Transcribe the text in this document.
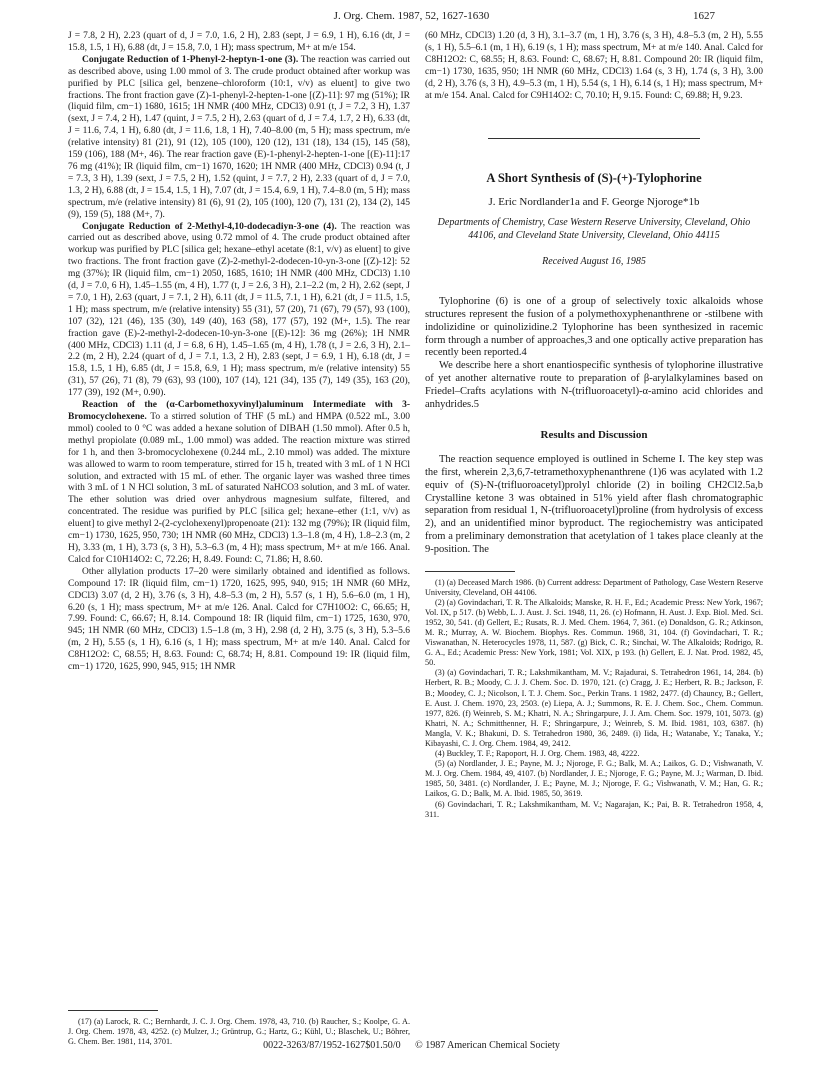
J. Org. Chem. 1987, 52, 1627-1630	1627

J = 7.8, 2 H), 2.23 (quart of d, J = 7.0, 1.6, 2 H), 2.83 (sept, J = 6.9, 1 H), 6.16 (dt, J = 15.8, 1.5, 1 H), 6.88 (dt, J = 15.8, 7.0, 1 H); mass spectrum, M+ at m/e 154.

Conjugate Reduction of 1-Phenyl-2-heptyn-1-one (3). The reaction was carried out as described above, using 1.00 mmol of 3. The crude product obtained after workup was purified by PLC [silica gel, benzene–chloroform (10:1, v/v) as eluent] to give two fractions. The front fraction gave (Z)-1-phenyl-2-hepten-1-one [(Z)-11]: 97 mg (51%); IR (liquid film, cm−1) 1680, 1615; 1H NMR (400 MHz, CDCl3) 0.91 (t, J = 7.2, 3 H), 1.37 (sext, J = 7.4, 2 H), 1.47 (quint, J = 7.5, 2 H), 2.63 (quart of d, J = 7.4, 1.7, 2 H), 6.33 (dt, J = 11.6, 7.4, 1 H), 6.80 (dt, J = 11.6, 1.8, 1 H), 7.40–8.00 (m, 5 H); mass spectrum, m/e (relative intensity) 81 (21), 91 (12), 105 (100), 120 (12), 131 (18), 134 (15), 145 (58), 159 (106), 188 (M+, 46). The rear fraction gave (E)-1-phenyl-2-hepten-1-one [(E)-11]:17 76 mg (41%); IR (liquid film, cm−1) 1670, 1620; 1H NMR (400 MHz, CDCl3) 0.94 (t, J = 7.3, 3 H), 1.39 (sext, J = 7.5, 2 H), 1.52 (quint, J = 7.7, 2 H), 2.33 (quart of d, J = 7.0, 1.3, 2 H), 6.88 (dt, J = 15.4, 1.5, 1 H), 7.07 (dt, J = 15.4, 6.9, 1 H), 7.4–8.0 (m, 5 H); mass spectrum, m/e (relative intensity) 81 (6), 91 (2), 105 (100), 120 (7), 131 (2), 134 (2), 145 (9), 159 (5), 188 (M+, 7).

Conjugate Reduction of 2-Methyl-4,10-dodecadiyn-3-one (4). The reaction was carried out as described above, using 0.72 mmol of 4. The crude product obtained after workup was purified by PLC [silica gel; hexane–ethyl acetate (8:1, v/v) as eluent] to give two fractions. The front fraction gave (Z)-2-methyl-2-dodecen-10-yn-3-one [(Z)-12]: 52 mg (37%); IR (liquid film, cm−1) 2050, 1685, 1610; 1H NMR (400 MHz, CDCl3) 1.10 (d, J = 7.0, 6 H), 1.45–1.55 (m, 4 H), 1.77 (t, J = 2.6, 3 H), 2.1–2.2 (m, 2 H), 2.62 (sept, J = 7.0, 1 H), 2.63 (quart, J = 7.1, 2 H), 6.11 (dt, J = 11.5, 7.1, 1 H), 6.21 (dt, J = 11.5, 1.5, 1 H); mass spectrum, m/e (relative intensity) 55 (31), 57 (20), 71 (67), 79 (57), 93 (100), 107 (32), 121 (46), 135 (30), 149 (40), 163 (58), 177 (57), 192 (M+, 1.5). The rear fraction gave (E)-2-methyl-2-dodecen-10-yn-3-one [(E)-12]: 36 mg (26%); 1H NMR (400 MHz, CDCl3) 1.11 (d, J = 6.8, 6 H), 1.45–1.65 (m, 4 H), 1.78 (t, J = 2.6, 3 H), 2.1–2.2 (m, 2 H), 2.24 (quart of d, J = 7.1, 1.3, 2 H), 2.83 (sept, J = 6.9, 1 H), 6.18 (dt, J = 15.8, 1.5, 1 H), 6.85 (dt, J = 15.8, 6.9, 1 H); mass spectrum, m/e (relative intensity) 55 (31), 57 (26), 71 (8), 79 (63), 93 (100), 107 (14), 121 (34), 135 (7), 149 (35), 163 (20), 177 (39), 192 (M+, 0.90).

Reaction of the (α-Carbomethoxyvinyl)aluminum Intermediate with 3-Bromocyclohexene. To a stirred solution of THF (5 mL) and HMPA (0.522 mL, 3.00 mmol) cooled to 0 °C was added a hexane solution of DIBAH (1.50 mmol). After 0.5 h, methyl propiolate (0.089 mL, 1.00 mmol) was added. The reaction mixture was stirred for 1 h, and then 3-bromocyclohexene (0.244 mL, 2.10 mmol) was added. The mixture was allowed to warm to room temperature, stirred for 15 h, treated with 3 mL of 1 N HCl solution, and extracted with 15 mL of ether. The organic layer was washed three times with 3 mL of 1 N HCl solution, 3 mL of saturated NaHCO3 solution, and 3 mL of water. The ether solution was dried over anhydrous magnesium sulfate, filtered, and concentrated. The residue was purified by PLC [silica gel; hexane–ether (1:1, v/v) as eluent] to give methyl 2-(2-cyclohexenyl)propenoate (21): 132 mg (79%); IR (liquid film, cm−1) 1730, 1625, 950, 730; 1H NMR (60 MHz, CDCl3) 1.3–1.8 (m, 4 H), 1.8–2.3 (m, 2 H), 3.33 (m, 1 H), 3.73 (s, 3 H), 5.3–6.3 (m, 4 H); mass spectrum, M+ at m/e 166. Anal. Calcd for C10H14O2: C, 72.26; H, 8.49. Found: C, 71.86; H, 8.60.

Other allylation products 17–20 were similarly obtained and identified as follows. Compound 17: IR (liquid film, cm−1) 1720, 1625, 995, 940, 915; 1H NMR (60 MHz, CDCl3) 3.07 (d, 2 H), 3.76 (s, 3 H), 4.8–5.3 (m, 2 H), 5.57 (s, 1 H), 5.6–6.0 (m, 1 H), 6.20 (s, 1 H); mass spectrum, M+ at m/e 126. Anal. Calcd for C7H10O2: C, 66.65; H, 7.99. Found: C, 66.67; H, 8.14. Compound 18: IR (liquid film, cm−1) 1725, 1630, 970, 945; 1H NMR (60 MHz, CDCl3) 1.5–1.8 (m, 3 H), 2.98 (d, 2 H), 3.75 (s, 3 H), 5.3–5.6 (m, 2 H), 5.55 (s, 1 H), 6.16 (s, 1 H); mass spectrum, M+ at m/e 140. Anal. Calcd for C8H12O2: C, 68.55; H, 8.63. Found: C, 68.74; H, 8.81. Compound 19: IR (liquid film, cm−1) 1720, 1625, 990, 945, 915; 1H NMR

(17) (a) Larock, R. C.; Bernhardt, J. C. J. Org. Chem. 1978, 43, 710. (b) Raucher, S.; Koolpe, G. A. J. Org. Chem. 1978, 43, 4252. (c) Mulzer, J.; Grüntrup, G.; Hartz, G.; Kühl, U.; Blaschek, U.; Böhrer, G. Chem. Ber. 1981, 114, 3701.

(60 MHz, CDCl3) 1.20 (d, 3 H), 3.1–3.7 (m, 1 H), 3.76 (s, 3 H), 4.8–5.3 (m, 2 H), 5.55 (s, 1 H), 5.5–6.1 (m, 1 H), 6.19 (s, 1 H); mass spectrum, M+ at m/e 140. Anal. Calcd for C8H12O2: C, 68.55; H, 8.63. Found: C, 68.67; H, 8.81. Compound 20: IR (liquid film, cm−1) 1730, 1635, 950; 1H NMR (60 MHz, CDCl3) 1.64 (s, 3 H), 1.74 (s, 3 H), 3.00 (d, 2 H), 3.76 (s, 3 H), 4.9–5.3 (m, 1 H), 5.54 (s, 1 H), 6.14 (s, 1 H); mass spectrum, M+ at m/e 154. Anal. Calcd for C9H14O2: C, 70.10; H, 9.15. Found: C, 69.88; H, 9.23.

A Short Synthesis of (S)-(+)-Tylophorine
J. Eric Nordlander1a and F. George Njoroge*1b
Departments of Chemistry, Case Western Reserve University, Cleveland, Ohio 44106, and Cleveland State University, Cleveland, Ohio 44115
Received August 16, 1985

Tylophorine (6) is one of a group of selectively toxic alkaloids whose structures represent the fusion of a polymethoxyphenanthrene or -stilbene with indolizidine or quinolizidine.2 Tylophorine has been synthesized in racemic form through a number of approaches,3 and one optically active preparation has recently been reported.4

We describe here a short enantiospecific synthesis of tylophorine illustrative of yet another alternative route to preparation of β-arylalkylamines based on Friedel–Crafts acylations with N-(trifluoroacetyl)-α-amino acid chlorides and anhydrides.5

Results and Discussion

The reaction sequence employed is outlined in Scheme I. The key step was the first, wherein 2,3,6,7-tetramethoxyphenanthrene (1)6 was acylated with 1.2 equiv of (S)-N-(trifluoroacetyl)prolyl chloride (2) in boiling CH2Cl2.5a,b Crystalline ketone 3 was obtained in 51% yield after flash chromatographic separation from residual 1, N-(trifluoroacetyl)proline (from hydrolysis of excess 2), and an unidentified minor byproduct. The regiochemistry was anticipated from a preliminary demonstration that acetylation of 1 takes place cleanly at the 9-position. The

(1) (a) Deceased March 1986. (b) Current address: Department of Pathology, Case Western Reserve University, Cleveland, OH 44106.

(2) (a) Govindachari, T. R. The Alkaloids; Manske, R. H. F., Ed.; Academic Press: New York, 1967; Vol. IX, p 517. (b) Webb, L. J. Aust. J. Sci. 1948, 11, 26. (c) Hofmann, H. Aust. J. Exp. Biol. Med. Sci. 1952, 30, 541. (d) Gellert, E.; Rusats, R. J. Med. Chem. 1964, 7, 361. (e) Donaldson, G. R.; Atkinson, M. R.; Murray, A. W. Biochem. Biophys. Res. Commun. 1968, 31, 104. (f) Govindachari, T. R.; Viswanathan, N. Heterocycles 1978, 11, 587. (g) Bick, C. R.; Sinchai, W. The Alkaloids; Rodrigo, R. G. A., Ed.; Academic Press: New York, 1981; Vol. XIX, p 193. (h) Gellert, E. J. Nat. Prod. 1982, 45, 50.

(3) (a) Govindachari, T. R.; Lakshmikantham, M. V.; Rajadurai, S. Tetrahedron 1961, 14, 284. (b) Herbert, R. B.; Moody, C. J. J. Chem. Soc. D. 1970, 121. (c) Cragg, J. E.; Herbert, R. B.; Jackson, F. B.; Moodey, C. J.; Nicolson, I. T. J. Chem. Soc., Perkin Trans. 1 1982, 2477. (d) Chauncy, B.; Gellert, E. Aust. J. Chem. 1970, 23, 2503. (e) Liepa, A. J.; Summons, R. E. J. Chem. Soc., Chem. Commun. 1977, 826. (f) Weinreb, S. M.; Khatri, N. A.; Shringarpure, J. J. Am. Chem. Soc. 1979, 101, 5073. (g) Khatri, N. A.; Schmitthenner, H. F.; Shringarpure, J.; Weinreb, S. M. Ibid. 1981, 103, 6387. (h) Mangla, V. K.; Bhakuni, D. S. Tetrahedron 1980, 36, 2489. (i) Iida, H.; Watanabe, Y.; Tanaka, Y.; Kibayashi, C. J. Org. Chem. 1984, 49, 2412.

(4) Buckley, T. F.; Rapoport, H. J. Org. Chem. 1983, 48, 4222.

(5) (a) Nordlander, J. E.; Payne, M. J.; Njoroge, F. G.; Balk, M. A.; Laikos, G. D.; Vishwanath, V. M. J. Org. Chem. 1984, 49, 4107. (b) Nordlander, J. E.; Njoroge, F. G.; Payne, M. J.; Warman, D. Ibid. 1985, 50, 3481. (c) Nordlander, J. E.; Payne, M. J.; Njoroge, F. G.; Vishwanath, V. M.; Han, G. R.; Laikos, G. D.; Balk, M. A. Ibid. 1985, 50, 3619.

(6) Govindachari, T. R.; Lakshmikantham, M. V.; Nagarajan, K.; Pai, B. R. Tetrahedron 1958, 4, 311.

0022-3263/87/1952-1627$01.50/0 © 1987 American Chemical Society
